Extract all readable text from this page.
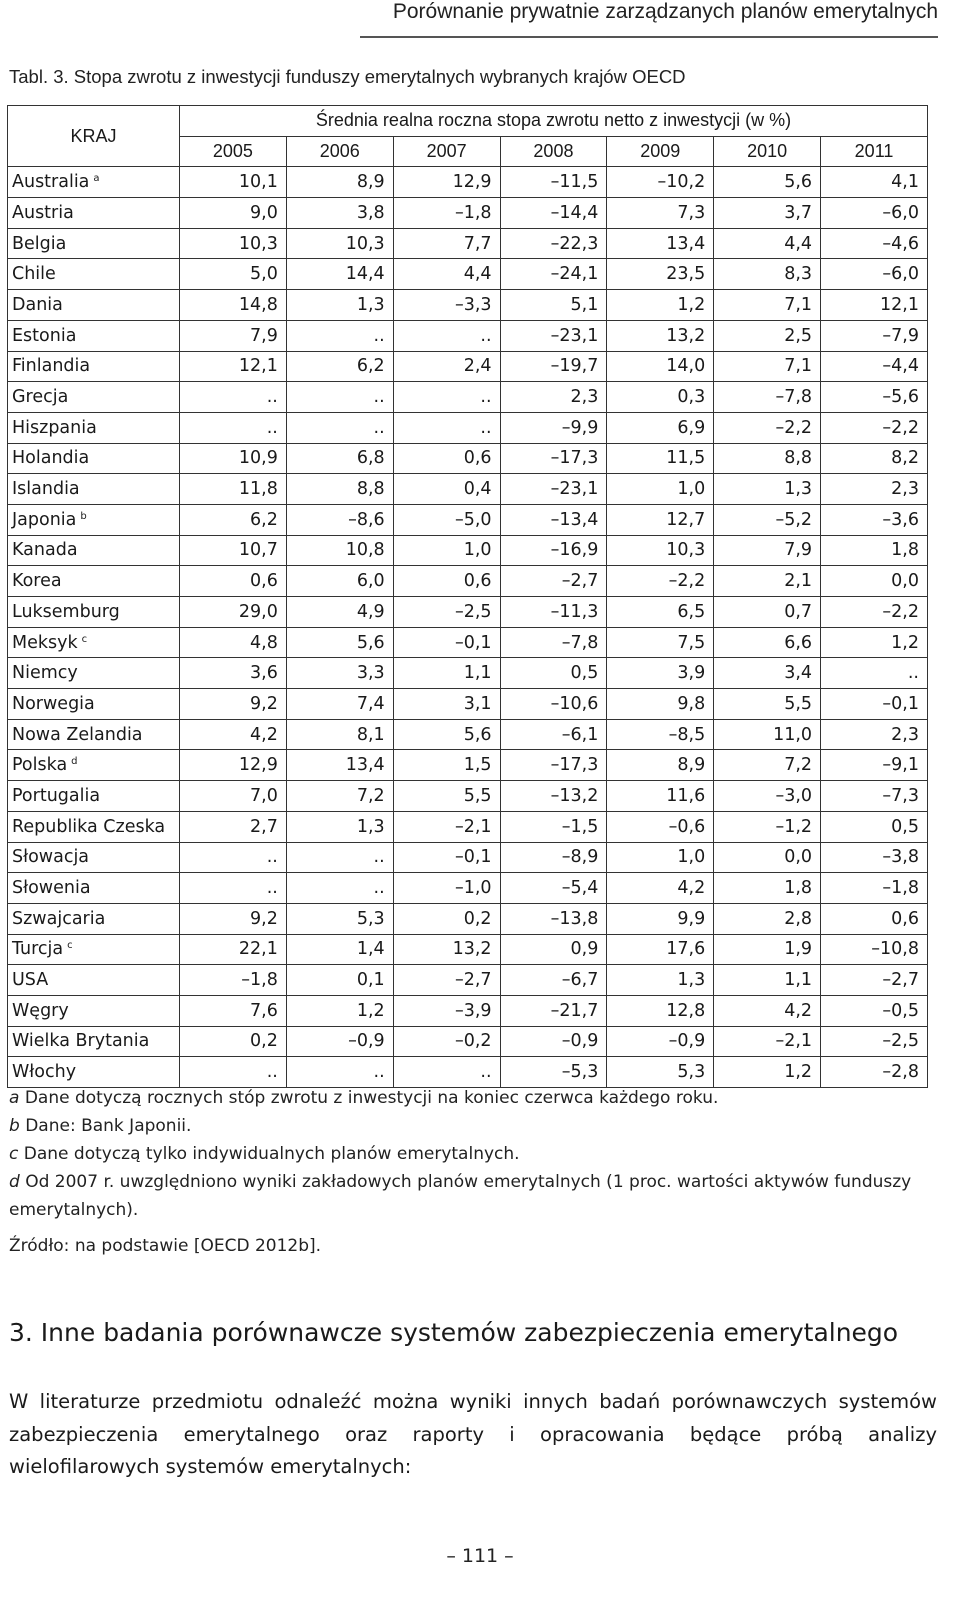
Porównanie prywatnie zarządzanych planów emerytalnych
Tabl. 3. Stopa zwrotu z inwestycji funduszy emerytalnych wybranych krajów OECD
KRAJ	Średnia realna roczna stopa zwrotu netto z inwestycji (w %)						
	2005	2006	2007	2008	2009	2010	2011
Australia $^a$	10,1	8,9	12,9	–11,5	–10,2	5,6	4,1
Austria	9,0	3,8	–1,8	–14,4	7,3	3,7	–6,0
Belgia	10,3	10,3	7,7	–22,3	13,4	4,4	–4,6
Chile	5,0	14,4	4,4	–24,1	23,5	8,3	–6,0
Dania	14,8	1,3	–3,3	5,1	1,2	7,1	12,1
Estonia	7,9	..	..	–23,1	13,2	2,5	–7,9
Finlandia	12,1	6,2	2,4	–19,7	14,0	7,1	–4,4
Grecja	..	..	..	2,3	0,3	–7,8	–5,6
Hiszpania	..	..	..	–9,9	6,9	–2,2	–2,2
Holandia	10,9	6,8	0,6	–17,3	11,5	8,8	8,2
Islandia	11,8	8,8	0,4	–23,1	1,0	1,3	2,3
Japonia $^b$	6,2	–8,6	–5,0	–13,4	12,7	–5,2	–3,6
Kanada	10,7	10,8	1,0	–16,9	10,3	7,9	1,8
Korea	0,6	6,0	0,6	–2,7	–2,2	2,1	0,0
Luksemburg	29,0	4,9	–2,5	–11,3	6,5	0,7	–2,2
Meksyk $^c$	4,8	5,6	–0,1	–7,8	7,5	6,6	1,2
Niemcy	3,6	3,3	1,1	0,5	3,9	3,4	..
Norwegia	9,2	7,4	3,1	–10,6	9,8	5,5	–0,1
Nowa Zelandia	4,2	8,1	5,6	–6,1	–8,5	11,0	2,3
Polska $^d$	12,9	13,4	1,5	–17,3	8,9	7,2	–9,1
Portugalia	7,0	7,2	5,5	–13,2	11,6	–3,0	–7,3
Republika Czeska	2,7	1,3	–2,1	–1,5	–0,6	–1,2	0,5
Słowacja	..	..	–0,1	–8,9	1,0	0,0	–3,8
Słowenia	..	..	–1,0	–5,4	4,2	1,8	–1,8
Szwajcaria	9,2	5,3	0,2	–13,8	9,9	2,8	0,6
Turcja $^c$	22,1	1,4	13,2	0,9	17,6	1,9	–10,8
USA	–1,8	0,1	–2,7	–6,7	1,3	1,1	–2,7
Węgry	7,6	1,2	–3,9	–21,7	12,8	4,2	–0,5
Wielka Brytania	0,2	–0,9	–0,2	–0,9	–0,9	–2,1	–2,5
Włochy	..	..	..	–5,3	5,3	1,2	–2,8

a Dane dotyczą rocznych stóp zwrotu z inwestycji na koniec czerwca każdego roku.

b Dane: Bank Japonii.

c Dane dotyczą tylko indywidualnych planów emerytalnych.

d Od 2007 r. uwzględniono wyniki zakładowych planów emerytalnych (1 proc. wartości aktywów funduszy emerytalnych).

Źródło: na podstawie [OECD 2012b].

3. Inne badania porównawcze systemów zabezpieczenia emerytalnego
W literaturze przedmiotu odnaleźć można wyniki innych badań porównawczych systemów zabezpieczenia emerytalnego oraz raporty i opracowania będące próbą analizy wielofilarowych systemów emerytalnych:
– 111 –
